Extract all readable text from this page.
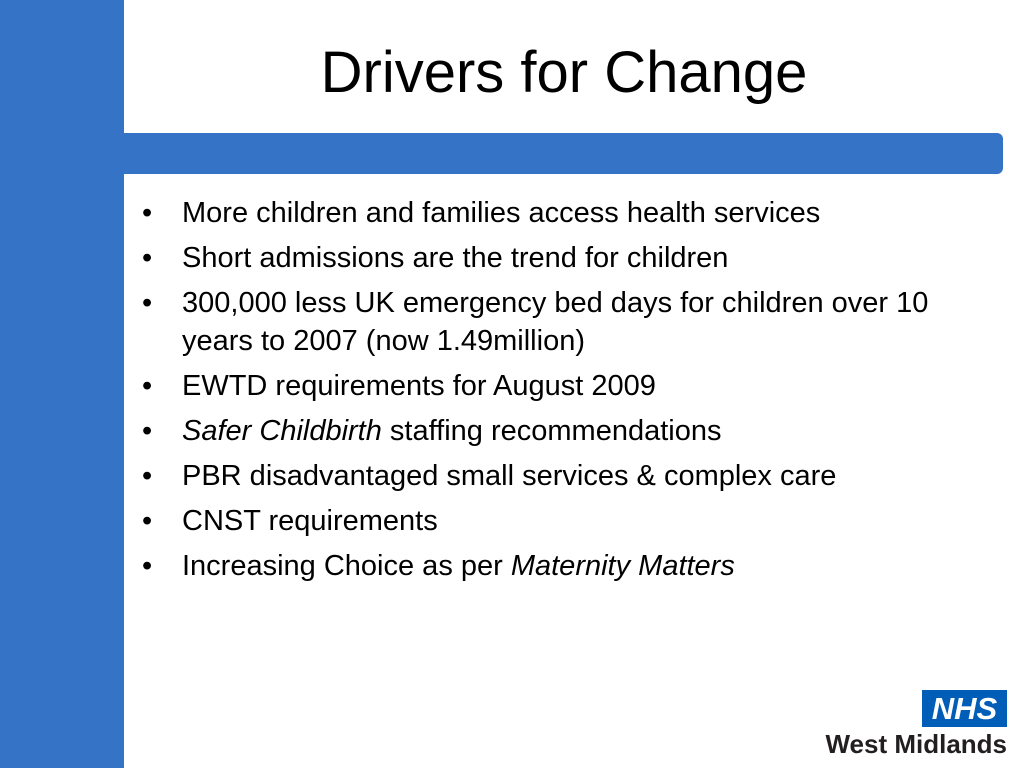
Drivers for Change
• More children and families access health services
• Short admissions are the trend for children
• 300,000 less UK emergency bed days for children over 10 years to 2007 (now 1.49million)
• EWTD requirements for August 2009
• Safer Childbirth staffing recommendations
• PBR disadvantaged small services & complex care
• CNST requirements
• Increasing Choice as per Maternity Matters
NHS
West Midlands
